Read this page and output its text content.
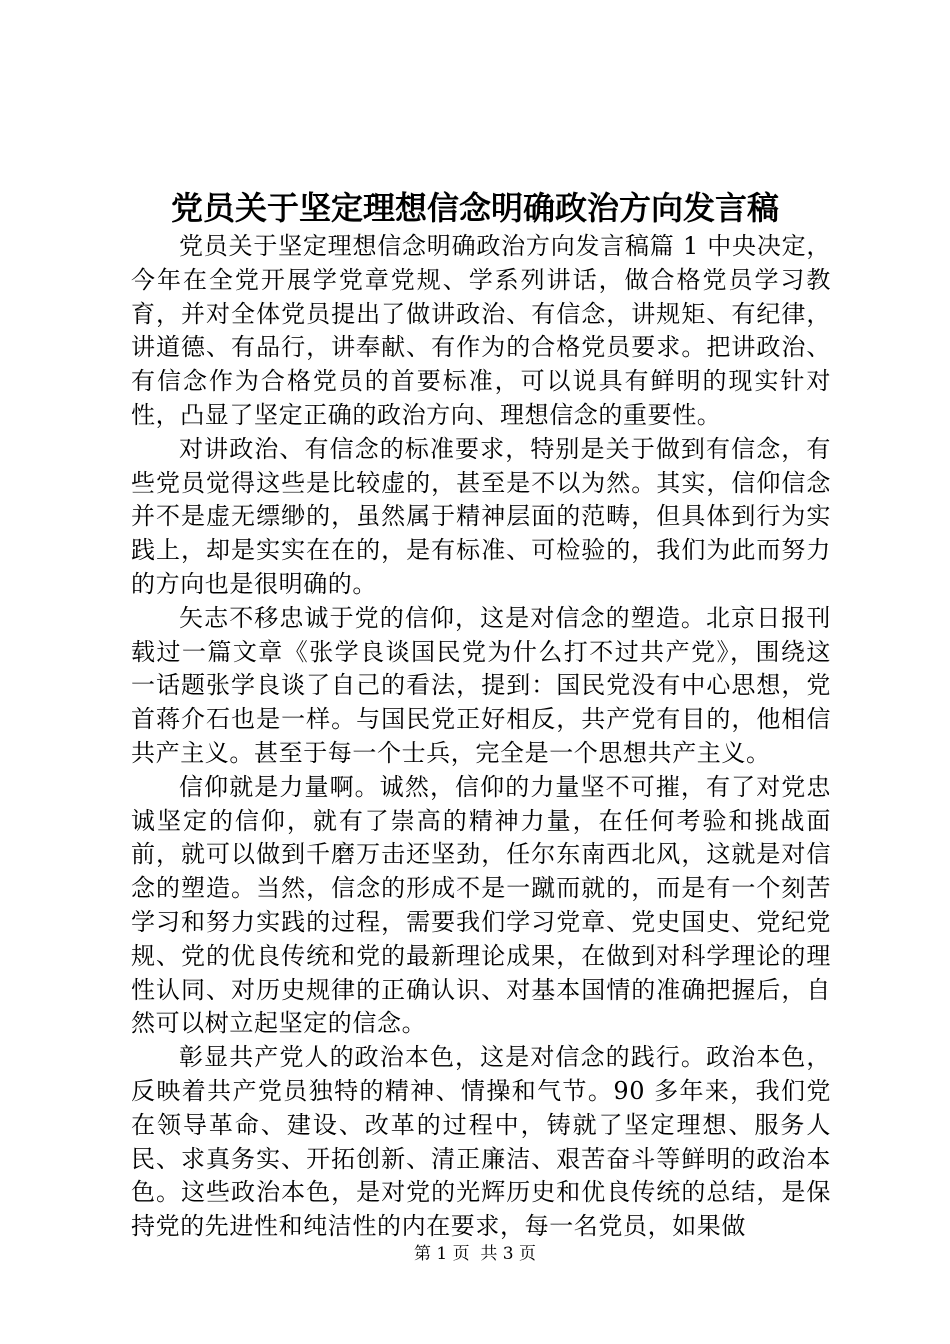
党员关于坚定理想信念明确政治方向发言稿

党员关于坚定理想信念明确政治方向发言稿篇 1 中央决定，今年在全党开展学党章党规、学系列讲话，做合格党员学习教育，并对全体党员提出了做讲政治、有信念，讲规矩、有纪律，讲道德、有品行，讲奉献、有作为的合格党员要求。把讲政治、有信念作为合格党员的首要标准，可以说具有鲜明的现实针对性，凸显了坚定正确的政治方向、理想信念的重要性。

对讲政治、有信念的标准要求，特别是关于做到有信念，有些党员觉得这些是比较虚的，甚至是不以为然。其实，信仰信念并不是虚无缥缈的，虽然属于精神层面的范畴，但具体到行为实践上，却是实实在在的，是有标准、可检验的，我们为此而努力的方向也是很明确的。

矢志不移忠诚于党的信仰，这是对信念的塑造。北京日报刊载过一篇文章《张学良谈国民党为什么打不过共产党》，围绕这一话题张学良谈了自己的看法，提到：国民党没有中心思想，党首蒋介石也是一样。与国民党正好相反，共产党有目的，他相信共产主义。甚至于每一个士兵，完全是一个思想共产主义。

信仰就是力量啊。诚然，信仰的力量坚不可摧，有了对党忠诚坚定的信仰，就有了崇高的精神力量，在任何考验和挑战面前，就可以做到千磨万击还坚劲，任尔东南西北风，这就是对信念的塑造。当然，信念的形成不是一蹴而就的，而是有一个刻苦学习和努力实践的过程，需要我们学习党章、党史国史、党纪党规、党的优良传统和党的最新理论成果，在做到对科学理论的理性认同、对历史规律的正确认识、对基本国情的准确把握后，自然可以树立起坚定的信念。

彰显共产党人的政治本色，这是对信念的践行。政治本色，反映着共产党员独特的精神、情操和气节。90 多年来，我们党在领导革命、建设、改革的过程中，铸就了坚定理想、服务人民、求真务实、开拓创新、清正廉洁、艰苦奋斗等鲜明的政治本色。这些政治本色，是对党的光辉历史和优良传统的总结，是保持党的先进性和纯洁性的内在要求，每一名党员，如果做

第 1 页  共 3 页
